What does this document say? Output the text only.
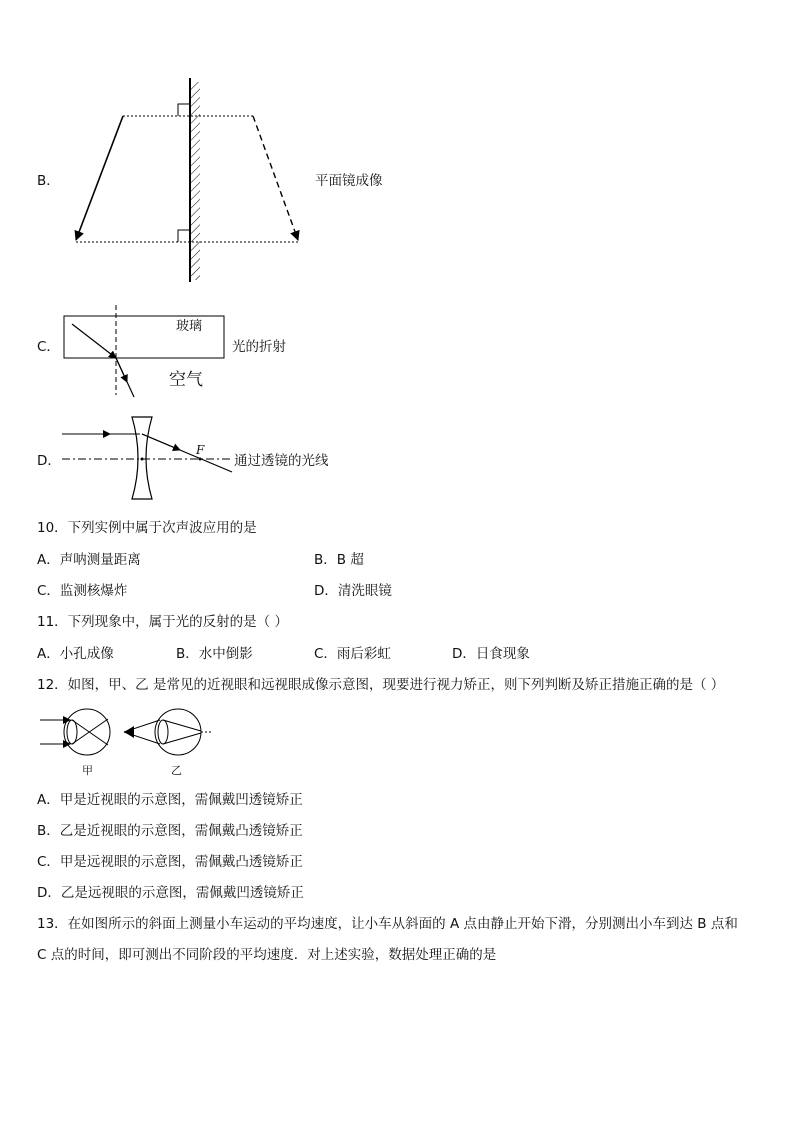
B．	平面镜成像
C．
玻璃
空气
光的折射
D．
F
通过透镜的光线
10．下列实例中属于次声波应用的是
A．声呐测量距离	B．B 超
C．监测核爆炸	D．清洗眼镜
11．下列现象中，属于光的反射的是（ ）
A．小孔成像	B．水中倒影	C．雨后彩虹	D．日食现象
12．如图，甲、乙 是常见的近视眼和远视眼成像示意图，现要进行视力矫正，则下列判断及矫正措施正确的是（ ）
甲	乙
A．甲是近视眼的示意图，需佩戴凹透镜矫正
B．乙是近视眼的示意图，需佩戴凸透镜矫正
C．甲是远视眼的示意图，需佩戴凸透镜矫正
D．乙是远视眼的示意图，需佩戴凹透镜矫正
13．在如图所示的斜面上测量小车运动的平均速度，让小车从斜面的 A 点由静止开始下滑，分别测出小车到达 B 点和
C 点的时间，即可测出不同阶段的平均速度．对上述实验，数据处理正确的是
